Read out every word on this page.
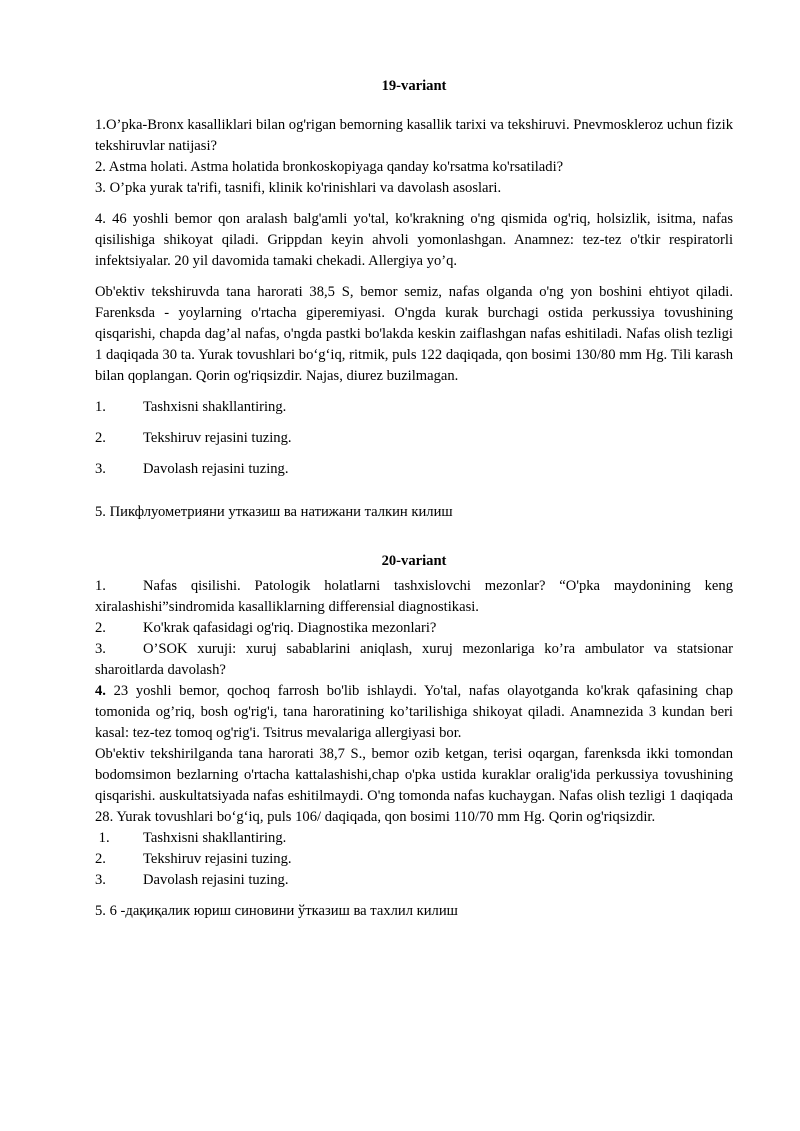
19-variant

1.O’pka-Bronx kasalliklari bilan og'rigan bemorning kasallik tarixi va tekshiruvi. Pnevmoskleroz uchun fizik tekshiruvlar natijasi?

2. Astma holati. Astma holatida bronkoskopiyaga qanday ko'rsatma ko'rsatiladi?

3. O’pka yurak ta'rifi, tasnifi, klinik ko'rinishlari va davolash asoslari.

4. 46 yoshli bemor qon aralash balg'amli yo'tal, ko'krakning o'ng qismida og'riq, holsizlik, isitma, nafas qisilishiga shikoyat qiladi. Grippdan keyin ahvoli yomonlashgan. Anamnez: tez-tez o'tkir respiratorli infektsiyalar. 20 yil davomida tamaki chekadi. Allergiya yo’q.

Ob'ektiv tekshiruvda tana harorati 38,5 S, bemor semiz, nafas olganda o'ng yon boshini ehtiyot qiladi. Farenksda - yoylarning o'rtacha giperemiyasi. O'ngda kurak burchagi ostida perkussiya tovushining qisqarishi, chapda dag’al nafas, o'ngda pastki bo'lakda keskin zaiflashgan nafas eshitiladi. Nafas olish tezligi 1 daqiqada 30 ta. Yurak tovushlari bo‘g‘iq, ritmik, puls 122 daqiqada, qon bosimi 130/80 mm Hg. Tili karash bilan qoplangan. Qorin og'riqsizdir. Najas, diurez buzilmagan.

1.	Tashxisni shakllantiring.
2.	Tekshiruv rejasini tuzing.
3.	Davolash rejasini tuzing.

5. Пикфлуометрияни утказиш ва натижани талкин килиш

20-variant

1.	Nafas qisilishi. Patologik holatlarni tashxislovchi mezonlar? “O'pka maydonining keng xiralashishi”sindromida kasalliklarning differensial diagnostikasi.

2.	Ko'krak qafasidagi og'riq. Diagnostika mezonlari?

3.	O’SOK xuruji: xuruj sabablarini aniqlash, xuruj mezonlariga ko’ra ambulator va statsionar sharoitlarda davolash?

4. 23 yoshli bemor, qochoq farrosh bo'lib ishlaydi. Yo'tal, nafas olayotganda ko'krak qafasining chap tomonida og’riq, bosh og'rig'i, tana haroratining ko’tarilishiga shikoyat qiladi. Anamnezida 3 kundan beri kasal: tez-tez tomoq og'rig'i. Tsitrus mevalariga allergiyasi bor.

Ob'ektiv tekshirilganda tana harorati 38,7 S., bemor ozib ketgan, terisi oqargan, farenksda ikki tomondan bodomsimon bezlarning o'rtacha kattalashishi,chap o'pka ustida kuraklar oralig'ida perkussiya tovushining qisqarishi. auskultatsiyada nafas eshitilmaydi. O'ng tomonda nafas kuchaygan. Nafas olish tezligi 1 daqiqada 28. Yurak tovushlari bo‘g‘iq, puls 106/ daqiqada, qon bosimi 110/70 mm Hg. Qorin og'riqsizdir.

1.	Tashxisni shakllantiring.
2.	Tekshiruv rejasini tuzing.
3.	Davolash rejasini tuzing.

5. 6 -дақиқалик юриш синовини ўтказиш ва тахлил килиш
